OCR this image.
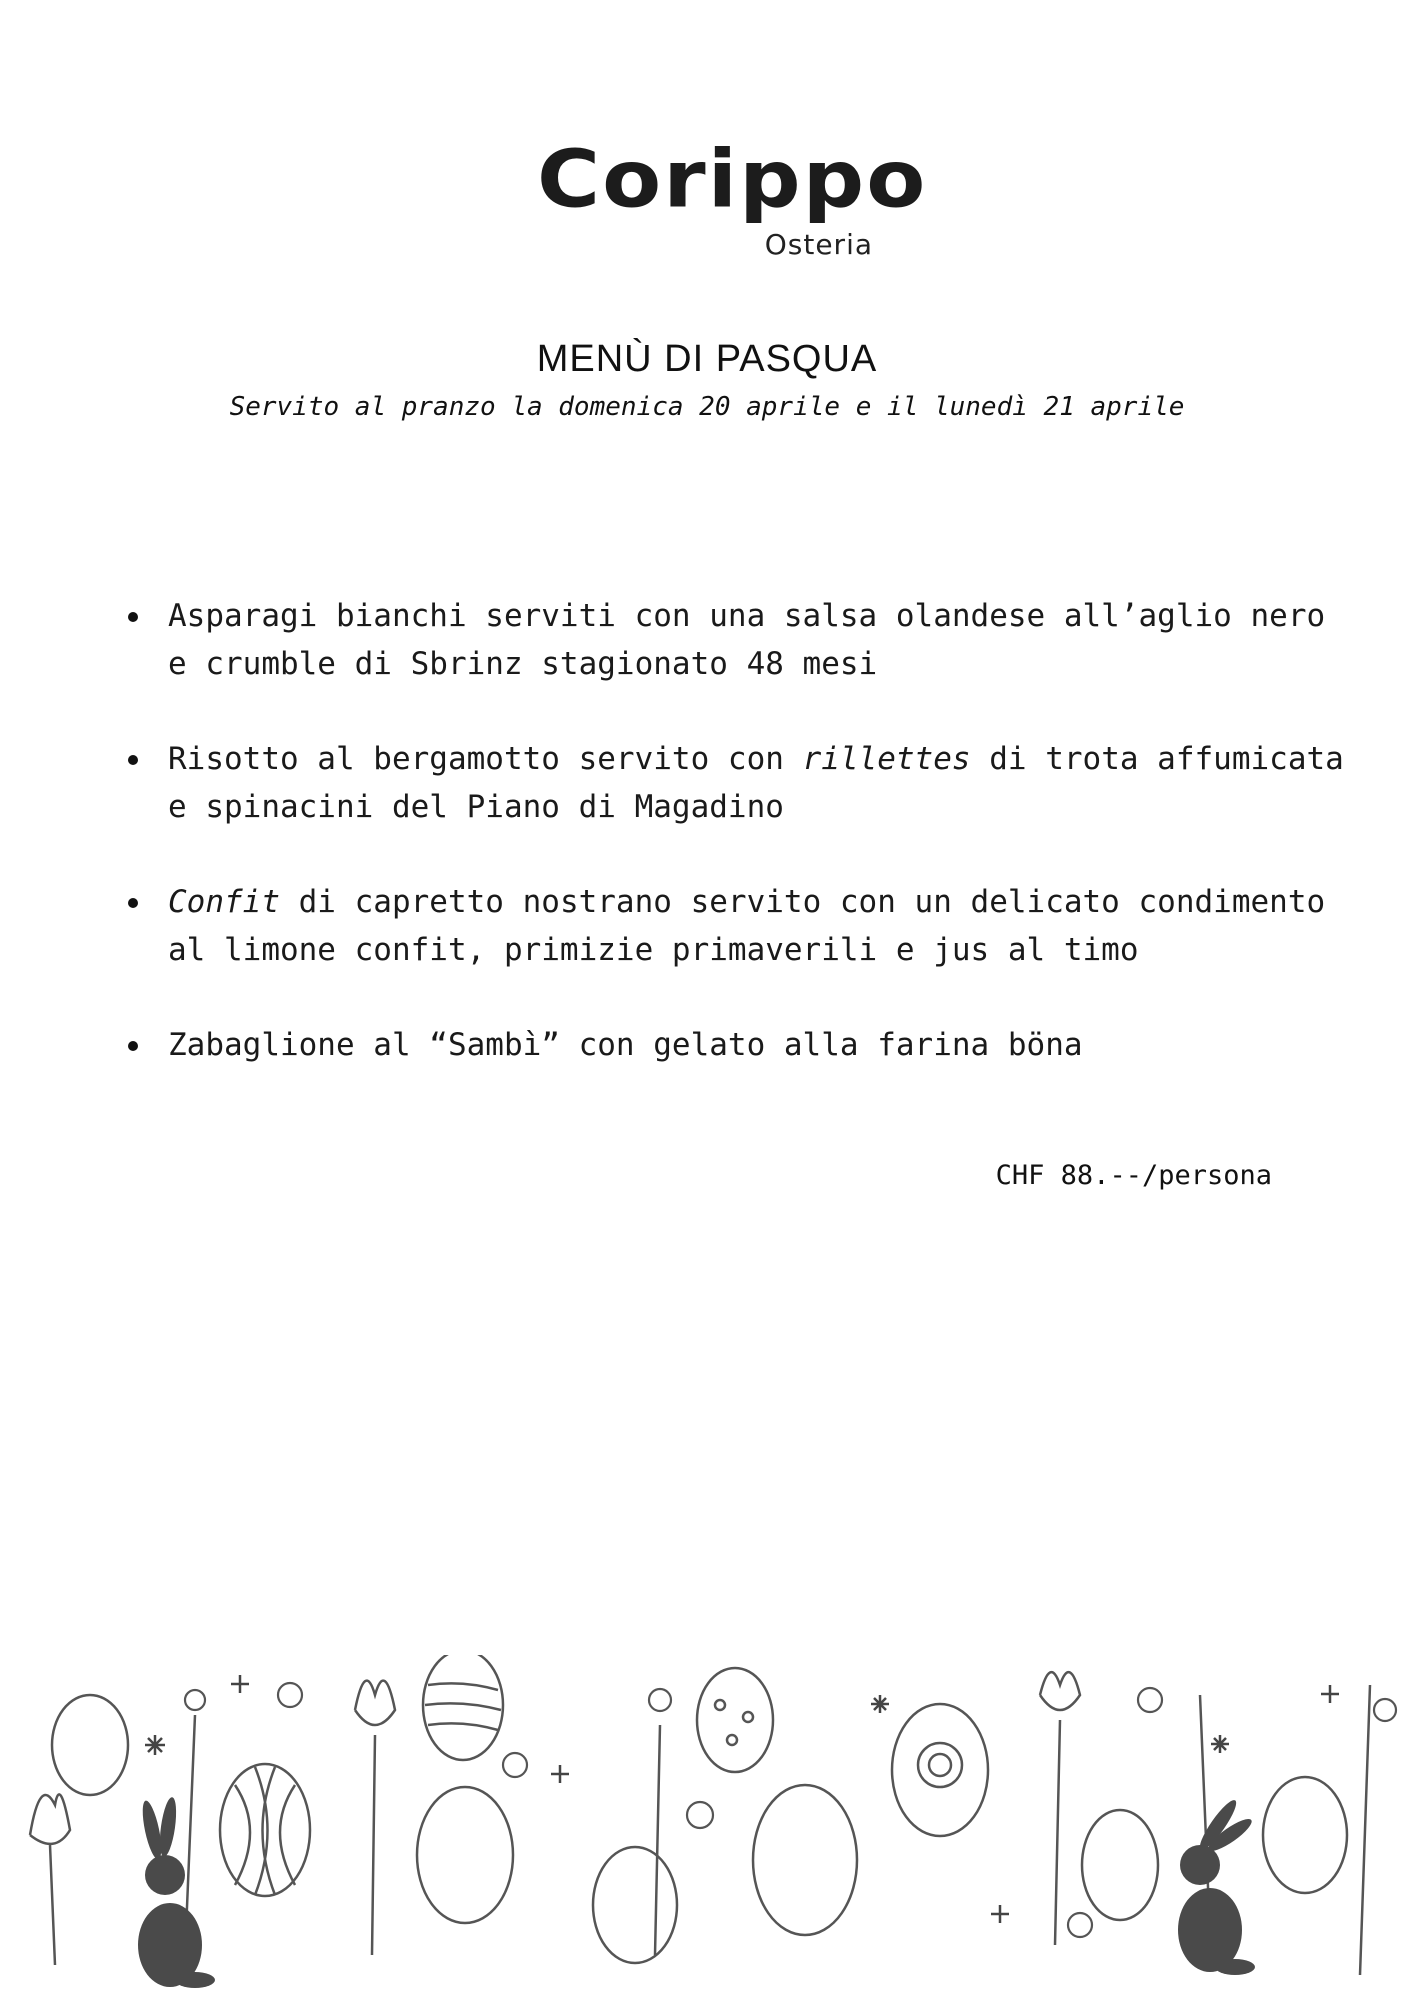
Corippo
Osteria
MENÙ DI PASQUA
Servito al pranzo la domenica 20 aprile e il lunedì 21 aprile
Asparagi bianchi serviti con una salsa olandese all’aglio nero
e crumble di Sbrinz stagionato 48 mesi
Risotto al bergamotto servito con rillettes di trota affumicata
e spinacini del Piano di Magadino
Confit di capretto nostrano servito con un delicato condimento
al limone confit, primizie primaverili e jus al timo
Zabaglione al “Sambì” con gelato alla farina böna
CHF 88.--/persona
